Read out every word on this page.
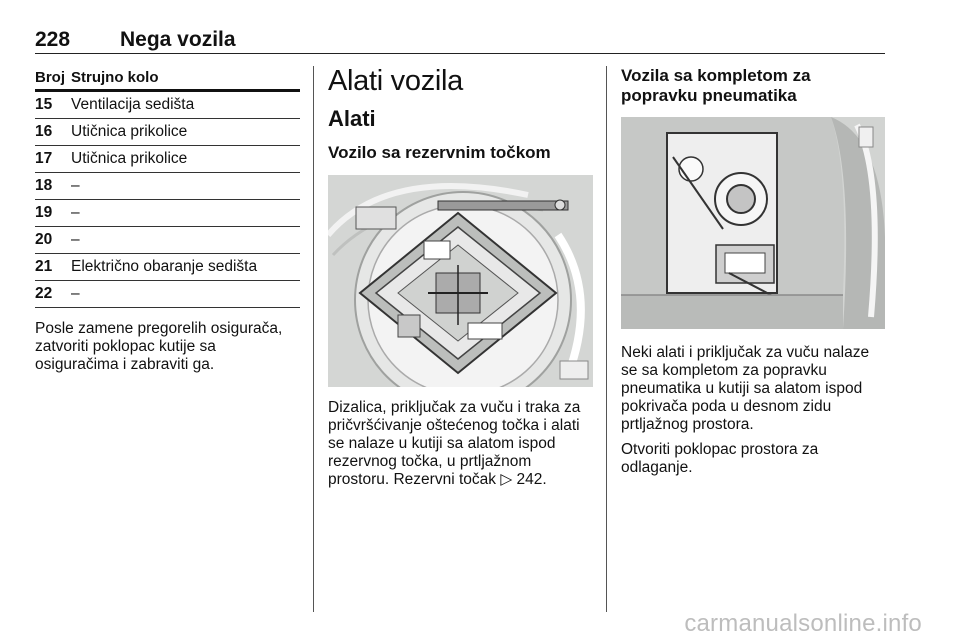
228 Nega vozila
Broj Strujno kolo
15	Ventilacija sedišta
16	Utičnica prikolice
17	Utičnica prikolice
18	–
19	–
20	–
21	Električno obaranje sedišta
22	–

Posle zamene pregorelih osigurača, zatvoriti poklopac kutije sa osiguračima i zabraviti ga.

Alati vozila
Alati
Vozilo sa rezervnim točkom

Dizalica, priključak za vuču i traka za pričvršćivanje oštećenog točka i alati se nalaze u kutiji sa alatom ispod rezervnog točka, u prtljažnom prostoru. Rezervni točak ▷ 242.

Vozila sa kompletom za popravku pneumatika

Neki alati i priključak za vuču nalaze se sa kompletom za popravku pneumatika u kutiji sa alatom ispod pokrivača poda u desnom zidu prtljažnog prostora.

Otvoriti poklopac prostora za odlaganje.

carmanualsonline.info
